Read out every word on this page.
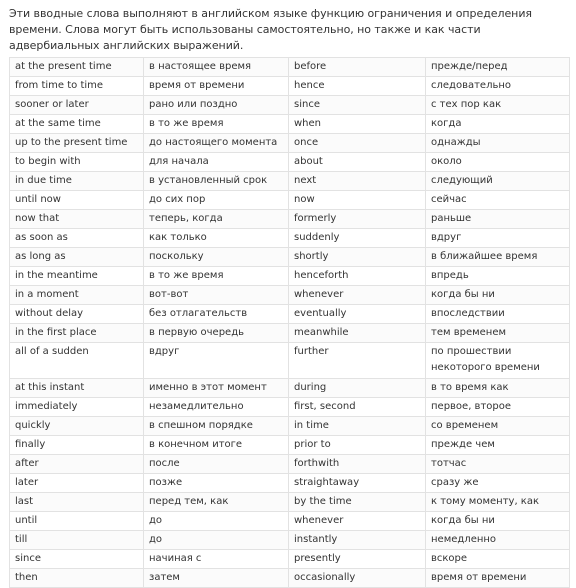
Эти вводные слова выполняют в английском языке функцию ограничения и определения времени. Слова могут быть использованы самостоятельно, но также и как части адвербиальных английских выражений.

at the present time	в настоящее время	before	прежде/перед
from time to time	время от времени	hence	следовательно
sooner or later	рано или поздно	since	с тех пор как
at the same time	в то же время	when	когда
up to the present time	до настоящего момента	once	однажды
to begin with	для начала	about	около
in due time	в установленный срок	next	следующий
until now	до сих пор	now	сейчас
now that	теперь, когда	formerly	раньше
as soon as	как только	suddenly	вдруг
as long as	поскольку	shortly	в ближайшее время
in the meantime	в то же время	henceforth	впредь
in a moment	вот-вот	whenever	когда бы ни
without delay	без отлагательств	eventually	впоследствии
in the first place	в первую очередь	meanwhile	тем временем
all of a sudden	вдруг	further	по прошествии некоторого времени
at this instant	именно в этот момент	during	в то время как
immediately	незамедлительно	first, second	первое, второе
quickly	в спешном порядке	in time	со временем
finally	в конечном итоге	prior to	прежде чем
after	после	forthwith	тотчас
later	позже	straightaway	сразу же
last	перед тем, как	by the time	к тому моменту, как
until	до	whenever	когда бы ни
till	до	instantly	немедленно
since	начиная с	presently	вскоре
then	затем	occasionally	время от времени
